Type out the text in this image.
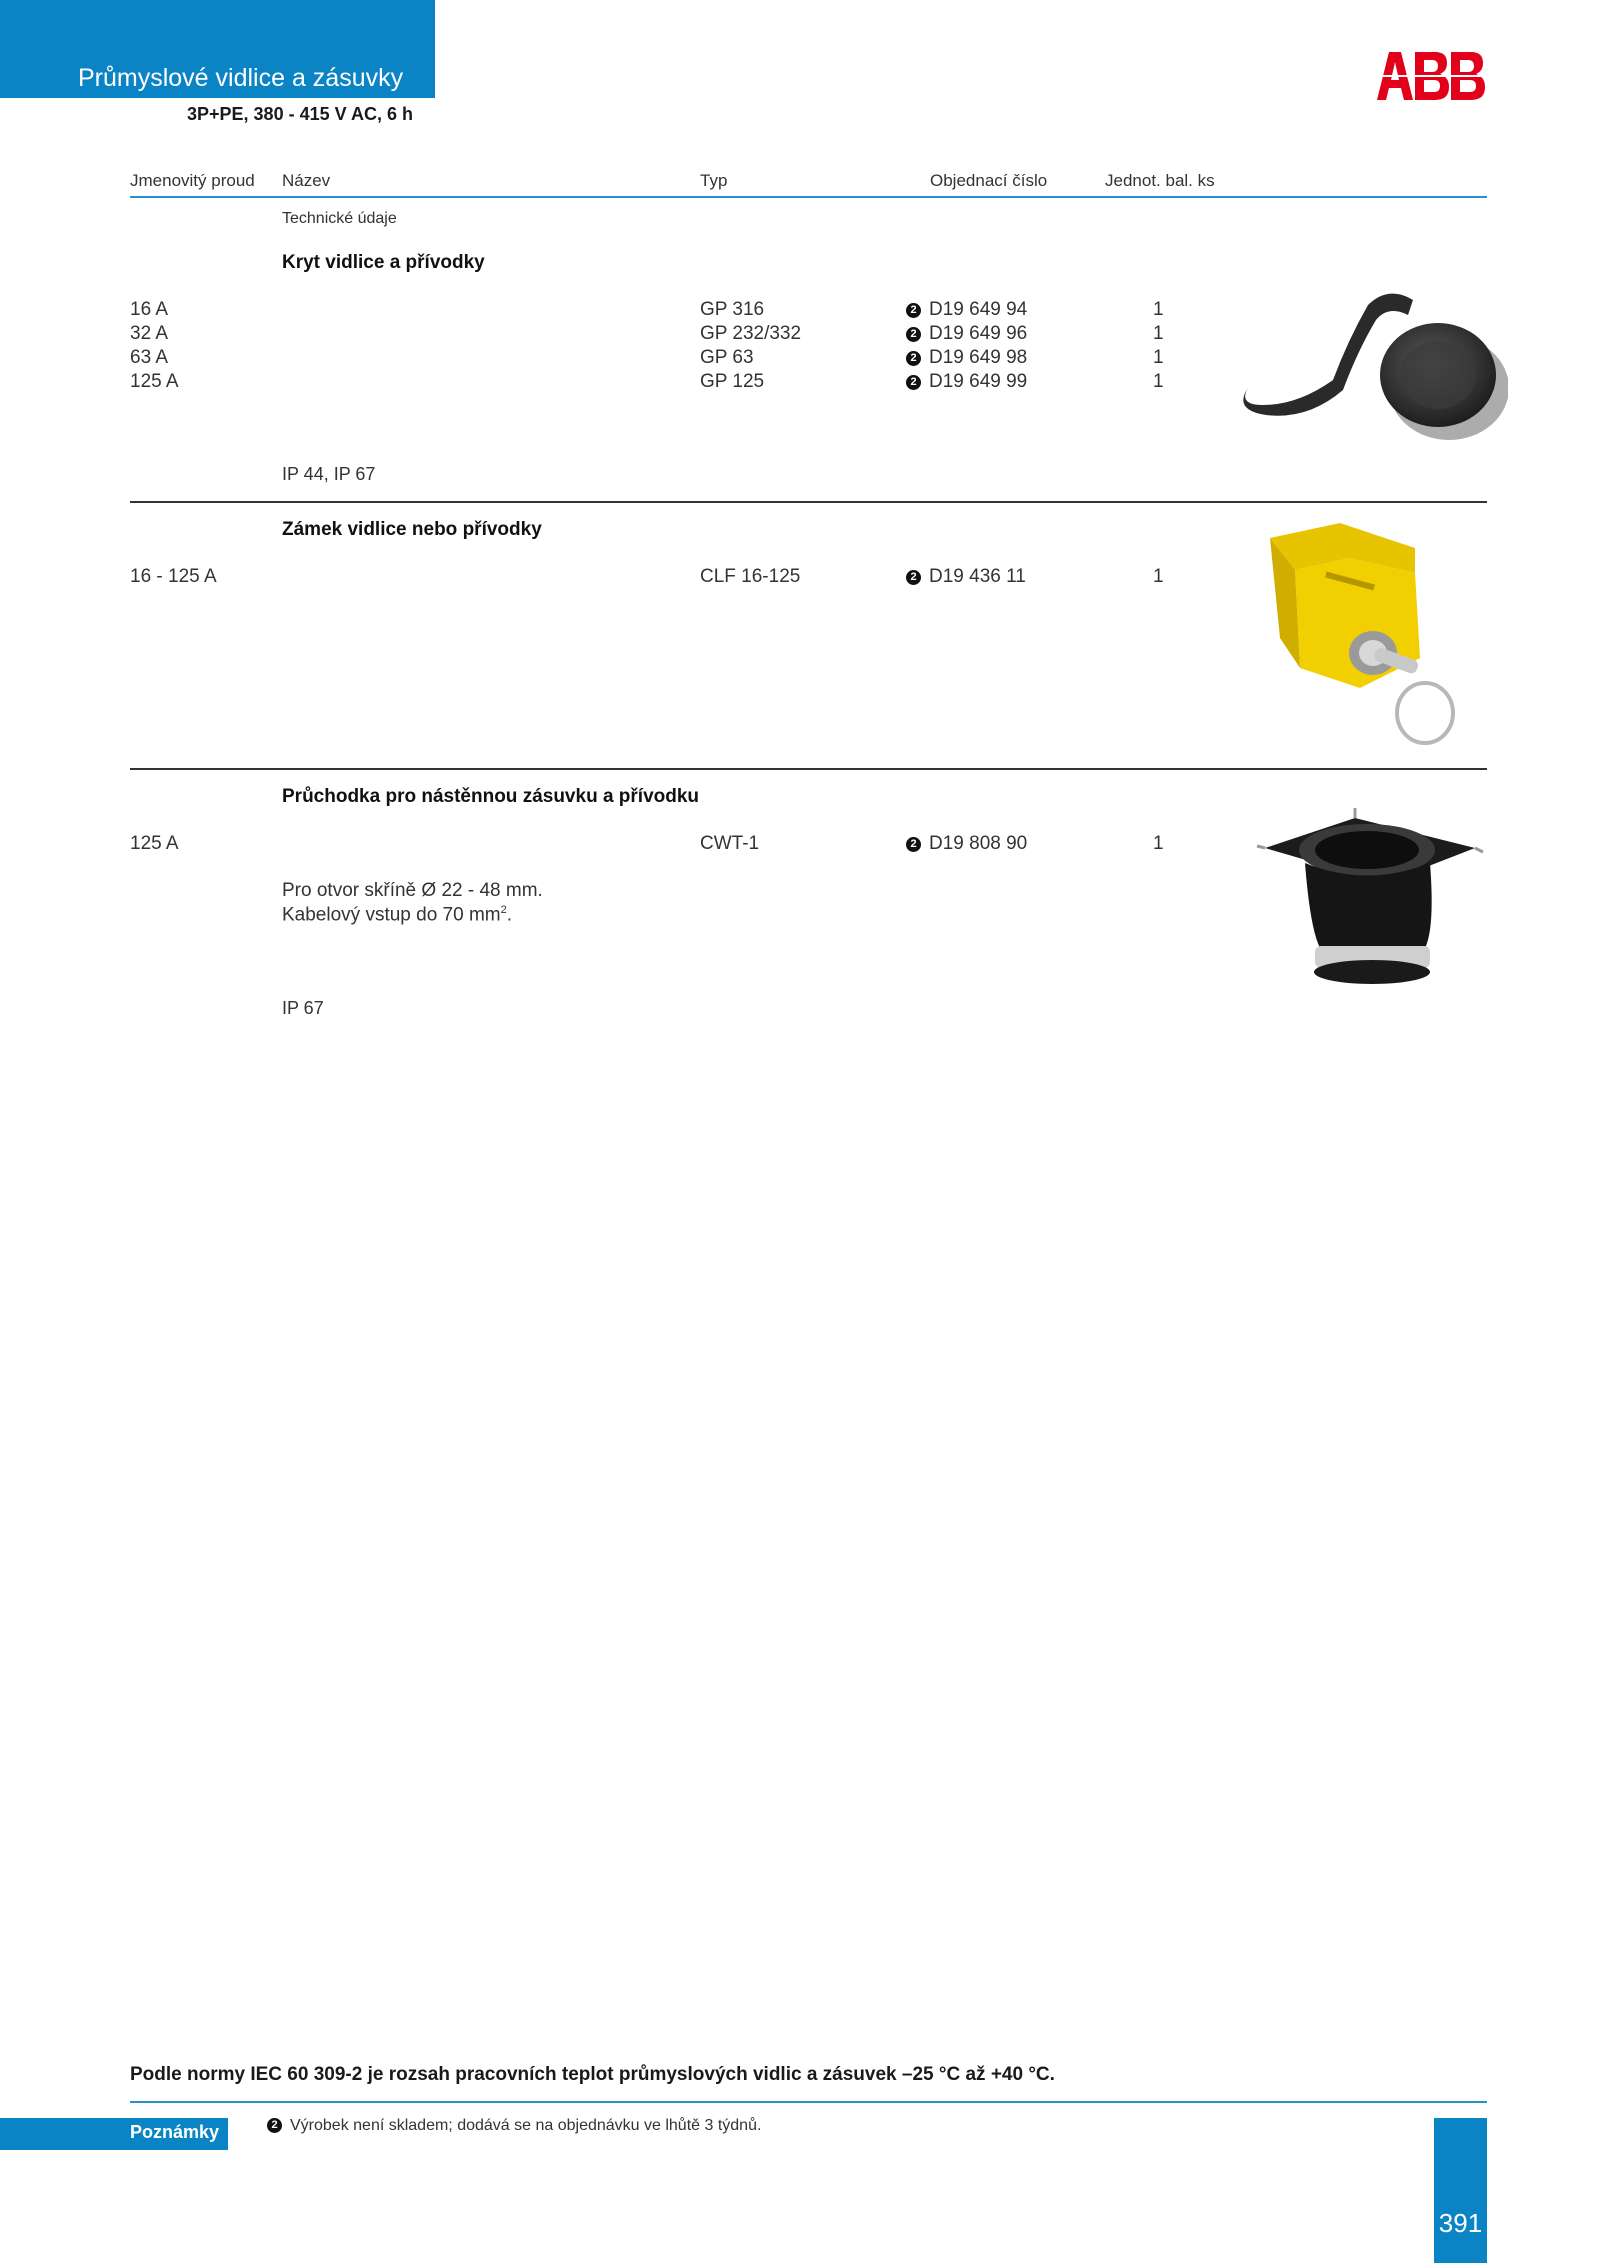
Průmyslové vidlice a zásuvky
3P+PE, 380 - 415 V AC, 6 h
Jmenovitý proud Název	Typ	Objednací číslo	Jednot. bal. ks
Technické údaje
Kryt vidlice a přívodky
16 A	GP 316	2 D19 649 94	1
32 A	GP 232/332	2 D19 649 96	1
63 A	GP 63	2 D19 649 98	1
125 A	GP 125	2 D19 649 99	1
IP 44, IP 67
Zámek vidlice nebo přívodky
16 - 125 A	CLF 16-125	2 D19 436 11	1
Průchodka pro nástěnnou zásuvku a přívodku
125 A	CWT-1	2 D19 808 90	1
Pro otvor skříně Ø 22 - 48 mm.
Kabelový vstup do 70 $mm^2$.
IP 67
Podle normy IEC 60 309-2 je rozsah pracovních teplot průmyslových vidlic a zásuvek –25 °C až +40 °C.
Poznámky	2 Výrobek není skladem; dodává se na objednávku ve lhůtě 3 týdnů.
391
